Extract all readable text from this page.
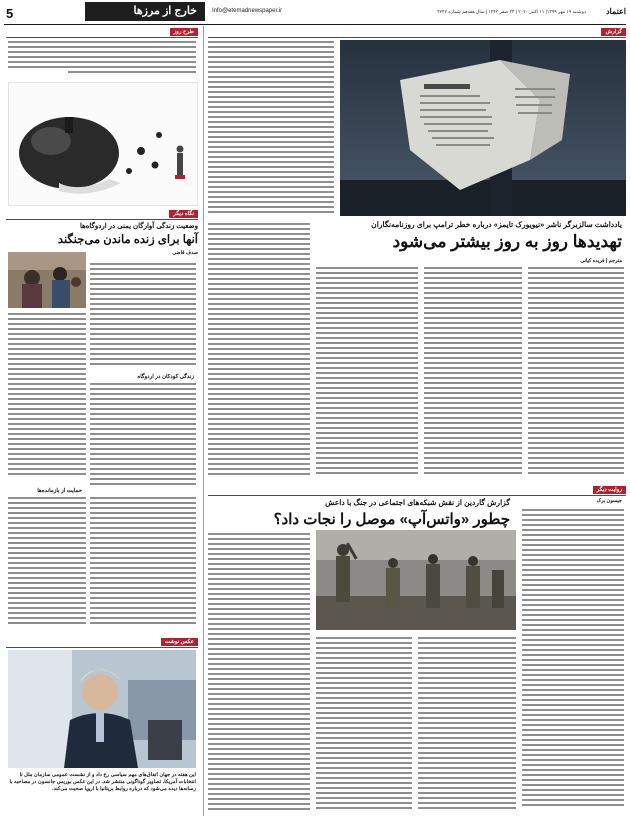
5	خارج از مرزها	Info@etemadnewspaper.ir	دوشنبه ۱۹ مهر ۱۳۹۹| ۱۱ اکتبر ۲۰۲۰ | ۲۳ صفر ۱۴۴۲ | سال هفدهم شماره ۴۷۴۷ اعتماد
طرح روز
نگاه دیگر
وضعیت زندگی آوارگان یمنی در اردوگاه‌ها
آنها برای زنده ماندن می‌جنگند
صدف قاضی
زندگی کودکان در اردوگاه
حمایت از بازمانده‌ها
عکس نوشت
این هفته در جهان اتفاق‌های مهم سیاسی رخ داد و از نشست عمومی سازمان ملل تا انتخابات آمریکا، تصاویر گوناگونی منتشر شد. در این عکس بوریس جانسون در مصاحبه با رسانه‌ها دیده می‌شود که درباره روابط بریتانیا با اروپا صحبت می‌کند.
گزارش
یادداشت سالزبرگر ناشر «نیویورک تایمز» درباره خطر ترامپ برای روزنامه‌نگاران
تهدیدها روز به روز بیشتر می‌شود
مترجم | فریده کیانی
روایت دیگر
گزارش گاردین از نقش شبکه‌های اجتماعی در جنگ با داعش
چطور «واتس‌آپ» موصل را نجات داد؟
جیسون برک
